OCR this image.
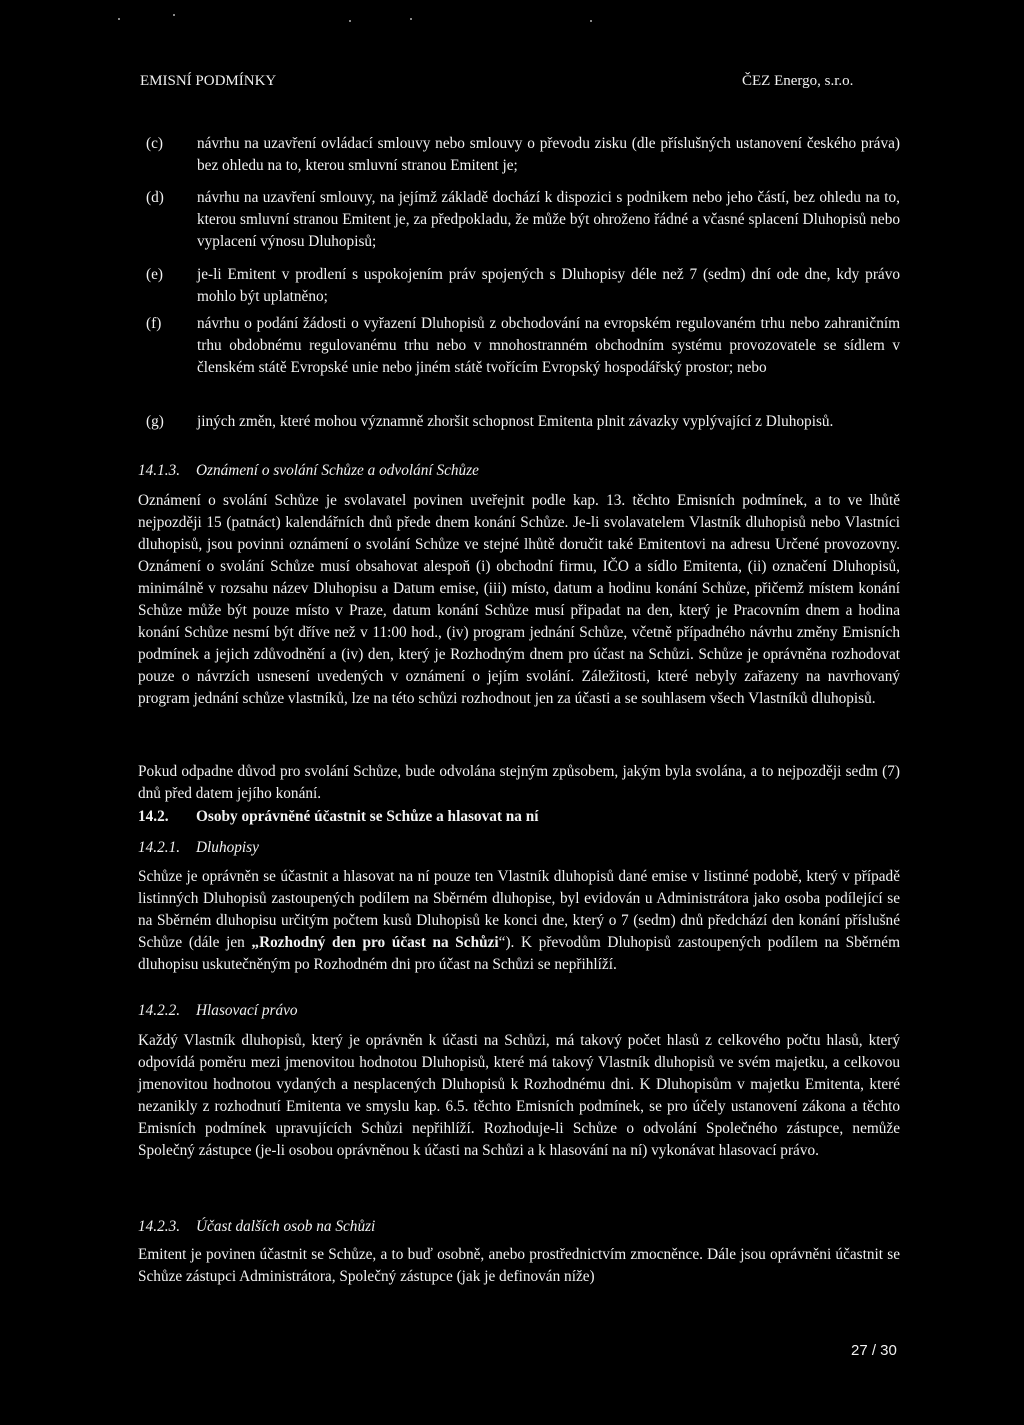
EMISNÍ PODMÍNKY	ČEZ Energo, s.r.o.
(c) návrhu na uzavření ovládací smlouvy nebo smlouvy o převodu zisku (dle příslušných ustanovení českého práva) bez ohledu na to, kterou smluvní stranou Emitent je;
(d) návrhu na uzavření smlouvy, na jejímž základě dochází k dispozici s podnikem nebo jeho částí, bez ohledu na to, kterou smluvní stranou Emitent je, za předpokladu, že může být ohroženo řádné a včasné splacení Dluhopisů nebo vyplacení výnosu Dluhopisů;
(e) je-li Emitent v prodlení s uspokojením práv spojených s Dluhopisy déle než 7 (sedm) dní ode dne, kdy právo mohlo být uplatněno;
(f) návrhu o podání žádosti o vyřazení Dluhopisů z obchodování na evropském regulovaném trhu nebo zahraničním trhu obdobnému regulovanému trhu nebo v mnohostranném obchodním systému provozovatele se sídlem v členském státě Evropské unie nebo jiném státě tvořícím Evropský hospodářský prostor; nebo
(g) jiných změn, které mohou významně zhoršit schopnost Emitenta plnit závazky vyplývající z Dluhopisů.
14.1.3. Oznámení o svolání Schůze a odvolání Schůze
Oznámení o svolání Schůze je svolavatel povinen uveřejnit podle kap. 13. těchto Emisních podmínek, a to ve lhůtě nejpozději 15 (patnáct) kalendářních dnů přede dnem konání Schůze. Je-li svolavatelem Vlastník dluhopisů nebo Vlastníci dluhopisů, jsou povinni oznámení o svolání Schůze ve stejné lhůtě doručit také Emitentovi na adresu Určené provozovny. Oznámení o svolání Schůze musí obsahovat alespoň (i) obchodní firmu, IČO a sídlo Emitenta, (ii) označení Dluhopisů, minimálně v rozsahu název Dluhopisu a Datum emise, (iii) místo, datum a hodinu konání Schůze, přičemž místem konání Schůze může být pouze místo v Praze, datum konání Schůze musí připadat na den, který je Pracovním dnem a hodina konání Schůze nesmí být dříve než v 11:00 hod., (iv) program jednání Schůze, včetně případného návrhu změny Emisních podmínek a jejich zdůvodnění a (iv) den, který je Rozhodným dnem pro účast na Schůzi. Schůze je oprávněna rozhodovat pouze o návrzích usnesení uvedených v oznámení o jejím svolání. Záležitosti, které nebyly zařazeny na navrhovaný program jednání schůze vlastníků, lze na této schůzi rozhodnout jen za účasti a se souhlasem všech Vlastníků dluhopisů.
Pokud odpadne důvod pro svolání Schůze, bude odvolána stejným způsobem, jakým byla svolána, a to nejpozději sedm (7) dnů před datem jejího konání.
14.2. Osoby oprávněné účastnit se Schůze a hlasovat na ní
14.2.1. Dluhopisy
Schůze je oprávněn se účastnit a hlasovat na ní pouze ten Vlastník dluhopisů dané emise v listinné podobě, který v případě listinných Dluhopisů zastoupených podílem na Sběrném dluhopise, byl evidován u Administrátora jako osoba podílející se na Sběrném dluhopisu určitým počtem kusů Dluhopisů ke konci dne, který o 7 (sedm) dnů předchází den konání příslušné Schůze (dále jen „Rozhodný den pro účast na Schůzi“). K převodům Dluhopisů zastoupených podílem na Sběrném dluhopisu uskutečněným po Rozhodném dni pro účast na Schůzi se nepřihlíží.
14.2.2. Hlasovací právo
Každý Vlastník dluhopisů, který je oprávněn k účasti na Schůzi, má takový počet hlasů z celkového počtu hlasů, který odpovídá poměru mezi jmenovitou hodnotou Dluhopisů, které má takový Vlastník dluhopisů ve svém majetku, a celkovou jmenovitou hodnotou vydaných a nesplacených Dluhopisů k Rozhodnému dni. K Dluhopisům v majetku Emitenta, které nezanikly z rozhodnutí Emitenta ve smyslu kap. 6.5. těchto Emisních podmínek, se pro účely ustanovení zákona a těchto Emisních podmínek upravujících Schůzi nepřihlíží. Rozhoduje-li Schůze o odvolání Společného zástupce, nemůže Společný zástupce (je-li osobou oprávněnou k účasti na Schůzi a k hlasování na ní) vykonávat hlasovací právo.
14.2.3. Účast dalších osob na Schůzi
Emitent je povinen účastnit se Schůze, a to buď osobně, anebo prostřednictvím zmocněnce. Dále jsou oprávněni účastnit se Schůze zástupci Administrátora, Společný zástupce (jak je definován níže)
27 / 30
